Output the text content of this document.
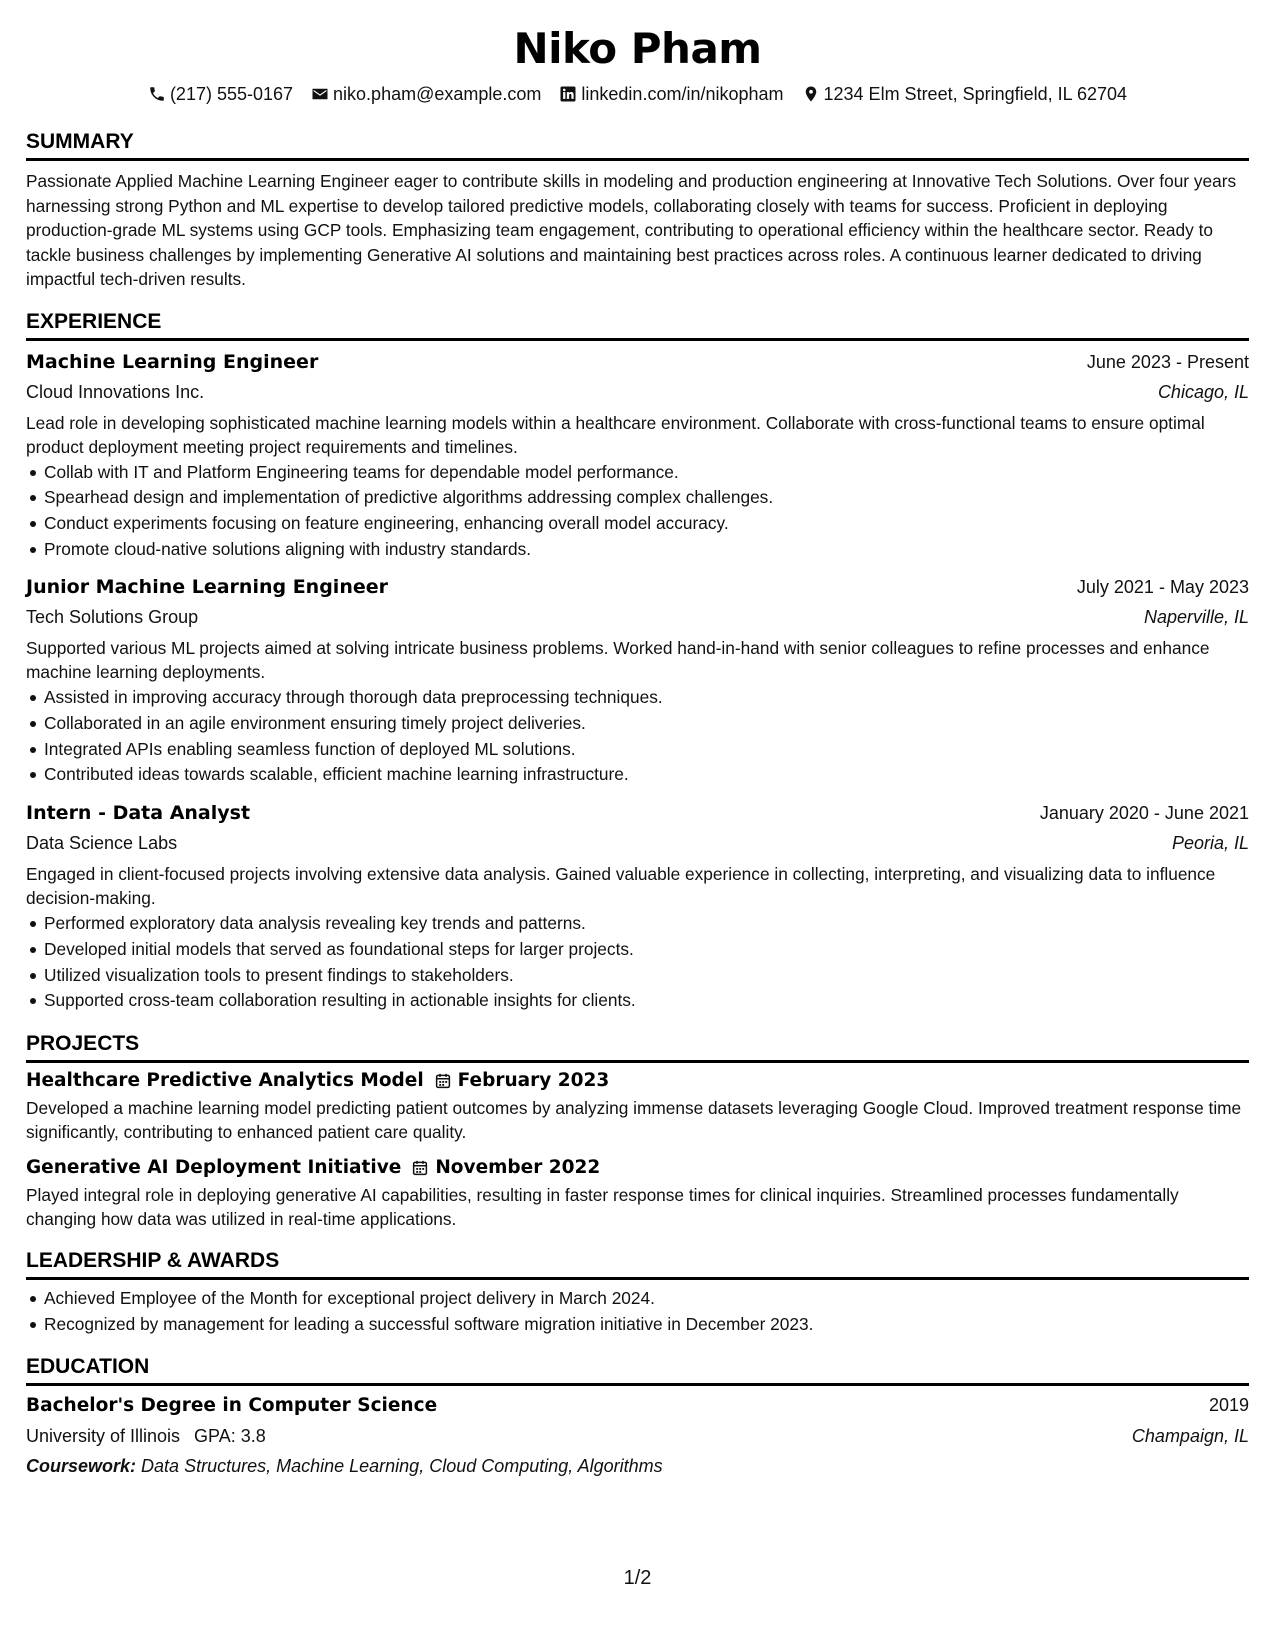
Niko Pham
(217) 555-0167 niko.pham@example.com linkedin.com/in/nikopham 1234 Elm Street, Springfield, IL 62704
SUMMARY

Passionate Applied Machine Learning Engineer eager to contribute skills in modeling and production engineering at Innovative Tech Solutions. Over four years harnessing strong Python and ML expertise to develop tailored predictive models, collaborating closely with teams for success. Proficient in deploying production-grade ML systems using GCP tools. Emphasizing team engagement, contributing to operational efficiency within the healthcare sector. Ready to tackle business challenges by implementing Generative AI solutions and maintaining best practices across roles. A continuous learner dedicated to driving impactful tech-driven results.

EXPERIENCE
Machine Learning Engineer	June 2023 - Present
Cloud Innovations Inc.	Chicago, IL

Lead role in developing sophisticated machine learning models within a healthcare environment. Collaborate with cross-functional teams to ensure optimal product deployment meeting project requirements and timelines.

Collab with IT and Platform Engineering teams for dependable model performance.
Spearhead design and implementation of predictive algorithms addressing complex challenges.
Conduct experiments focusing on feature engineering, enhancing overall model accuracy.
Promote cloud-native solutions aligning with industry standards.
Junior Machine Learning Engineer	July 2021 - May 2023
Tech Solutions Group	Naperville, IL

Supported various ML projects aimed at solving intricate business problems. Worked hand-in-hand with senior colleagues to refine processes and enhance machine learning deployments.

Assisted in improving accuracy through thorough data preprocessing techniques.
Collaborated in an agile environment ensuring timely project deliveries.
Integrated APIs enabling seamless function of deployed ML solutions.
Contributed ideas towards scalable, efficient machine learning infrastructure.
Intern - Data Analyst	January 2020 - June 2021
Data Science Labs	Peoria, IL

Engaged in client-focused projects involving extensive data analysis. Gained valuable experience in collecting, interpreting, and visualizing data to influence decision-making.

Performed exploratory data analysis revealing key trends and patterns.
Developed initial models that served as foundational steps for larger projects.
Utilized visualization tools to present findings to stakeholders.
Supported cross-team collaboration resulting in actionable insights for clients.
PROJECTS
Healthcare Predictive Analytics Model February 2023

Developed a machine learning model predicting patient outcomes by analyzing immense datasets leveraging Google Cloud. Improved treatment response time significantly, contributing to enhanced patient care quality.

Generative AI Deployment Initiative November 2022

Played integral role in deploying generative AI capabilities, resulting in faster response times for clinical inquiries. Streamlined processes fundamentally changing how data was utilized in real-time applications.

LEADERSHIP & AWARDS
Achieved Employee of the Month for exceptional project delivery in March 2024.
Recognized by management for leading a successful software migration initiative in December 2023.
EDUCATION
Bachelor's Degree in Computer Science	2019
University of Illinois GPA: 3.8	Champaign, IL
Coursework: Data Structures, Machine Learning, Cloud Computing, Algorithms
1/2
